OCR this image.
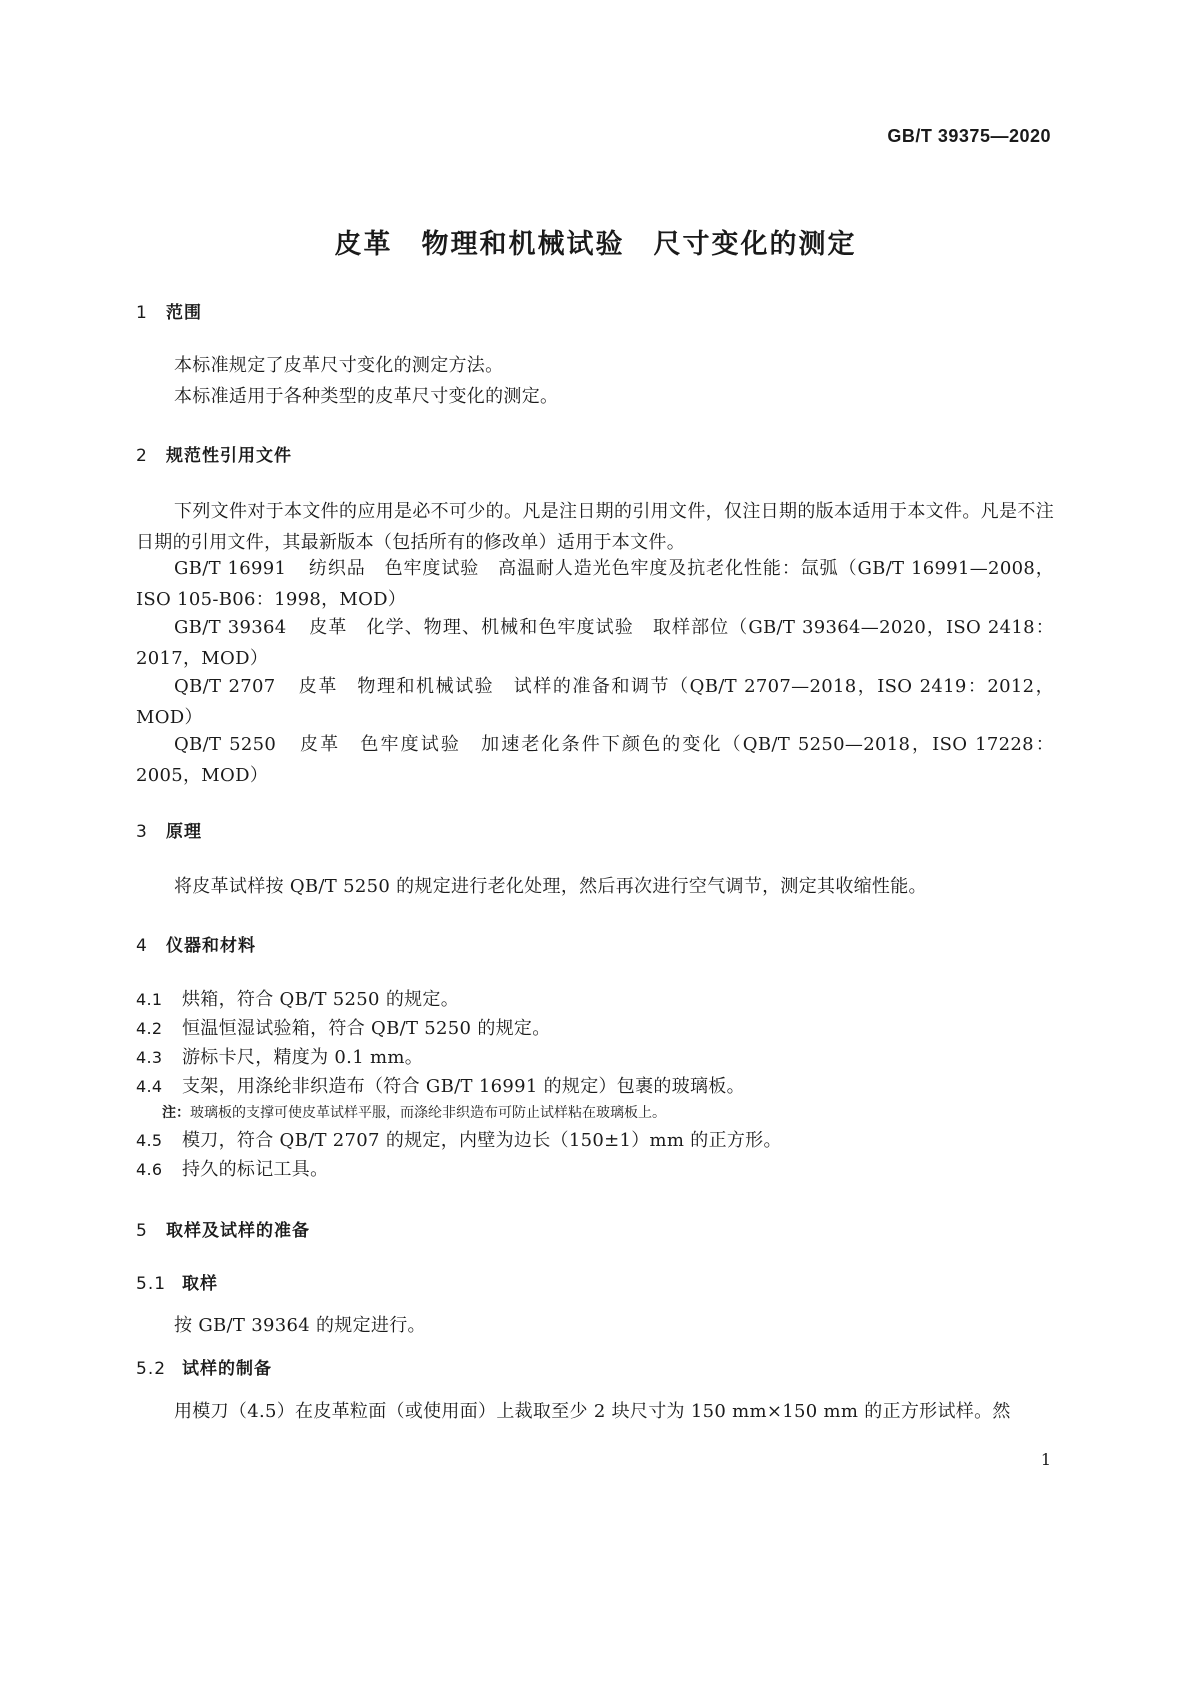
GB/T 39375—2020
皮革　物理和机械试验　尺寸变化的测定
1 范围
本标准规定了皮革尺寸变化的测定方法。
本标准适用于各种类型的皮革尺寸变化的测定。
2 规范性引用文件
下列文件对于本文件的应用是必不可少的。凡是注日期的引用文件，仅注日期的版本适用于本文件。凡是不注日期的引用文件，其最新版本（包括所有的修改单）适用于本文件。
GB/T 16991 纺织品　色牢度试验　高温耐人造光色牢度及抗老化性能：氙弧（GB/T 16991—2008，ISO 105-B06：1998，MOD）
GB/T 39364 皮革　化学、物理、机械和色牢度试验　取样部位（GB/T 39364—2020，ISO 2418：2017，MOD）
QB/T 2707 皮革　物理和机械试验　试样的准备和调节（QB/T 2707—2018，ISO 2419：2012，MOD）
QB/T 5250 皮革　色牢度试验　加速老化条件下颜色的变化（QB/T 5250—2018，ISO 17228：2005，MOD）
3 原理
将皮革试样按 QB/T 5250 的规定进行老化处理，然后再次进行空气调节，测定其收缩性能。
4 仪器和材料
4.1 烘箱，符合 QB/T 5250 的规定。
4.2 恒温恒湿试验箱，符合 QB/T 5250 的规定。
4.3 游标卡尺，精度为 0.1 mm。
4.4 支架，用涤纶非织造布（符合 GB/T 16991 的规定）包裹的玻璃板。
注：玻璃板的支撑可使皮革试样平服，而涤纶非织造布可防止试样粘在玻璃板上。
4.5 模刀，符合 QB/T 2707 的规定，内壁为边长（150±1）mm 的正方形。
4.6 持久的标记工具。
5 取样及试样的准备
5.1 取样
按 GB/T 39364 的规定进行。
5.2 试样的制备
用模刀（4.5）在皮革粒面（或使用面）上裁取至少 2 块尺寸为 150 mm×150 mm 的正方形试样。然
1
